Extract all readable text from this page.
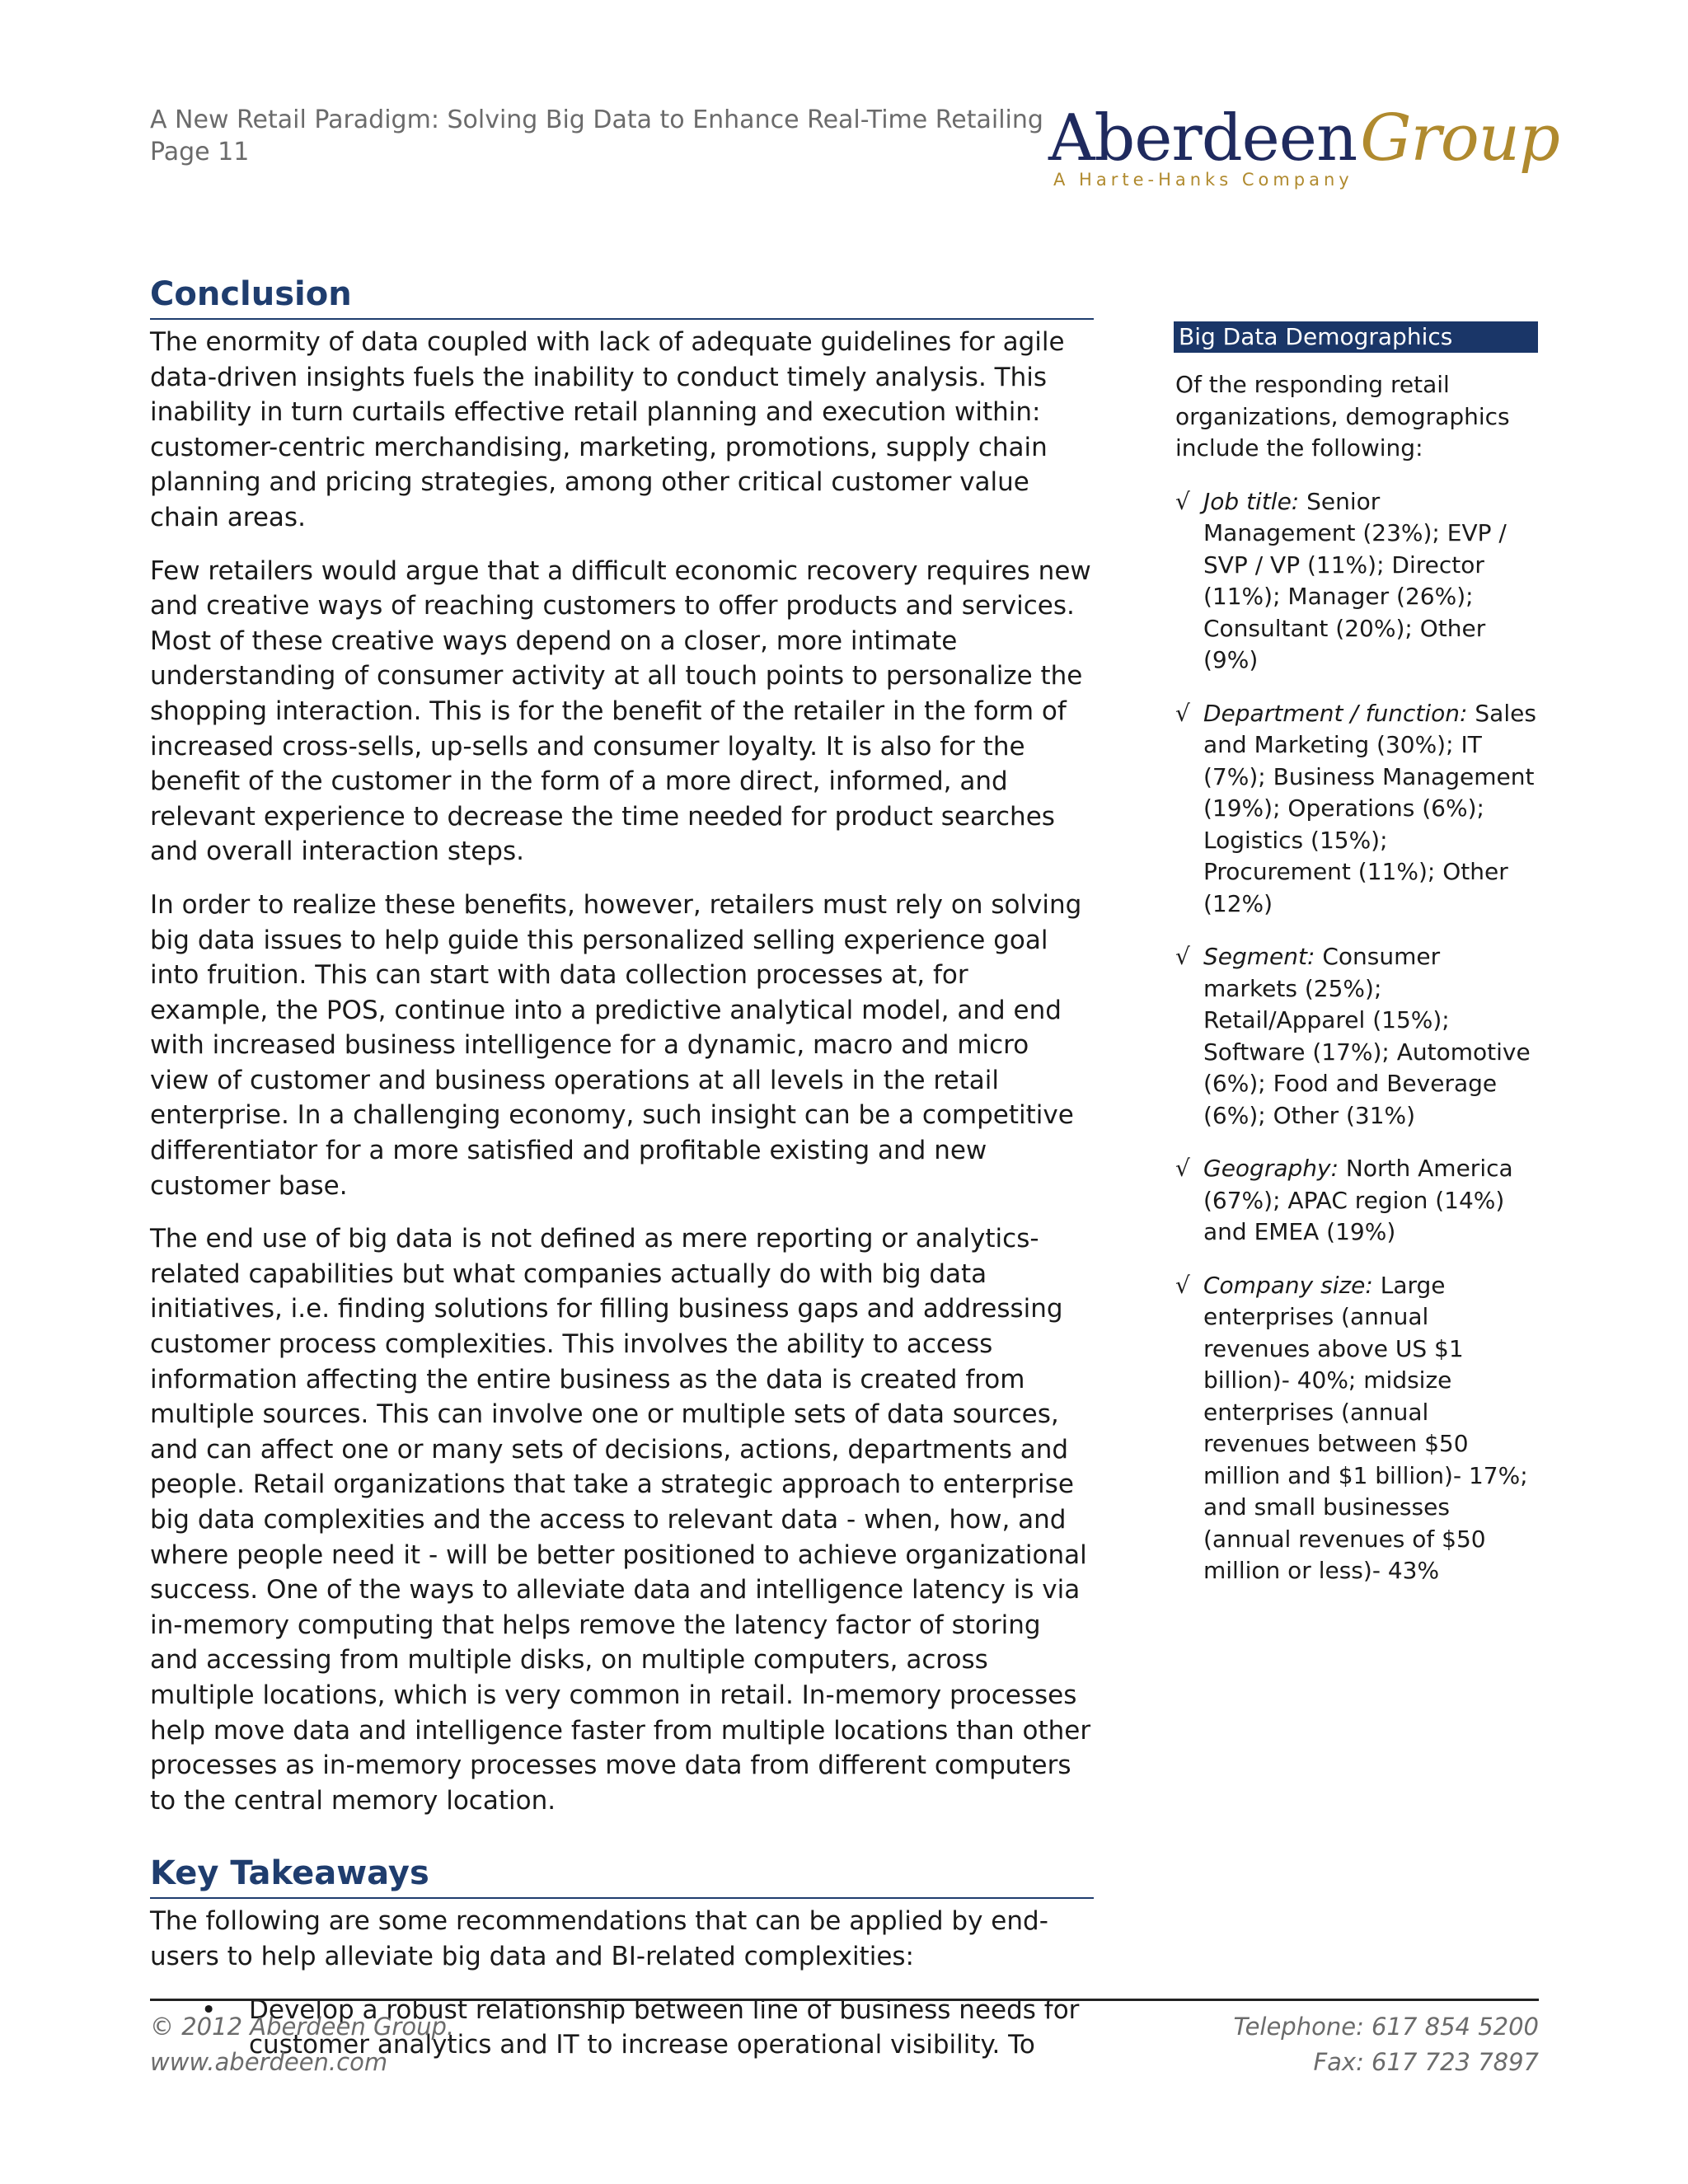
A New Retail Paradigm: Solving Big Data to Enhance Real-Time Retailing
Page 11	AberdeenGroup
A Harte-Hanks Company
Conclusion

The enormity of data coupled with lack of adequate guidelines for agile data-driven insights fuels the inability to conduct timely analysis. This inability in turn curtails effective retail planning and execution within: customer-centric merchandising, marketing, promotions, supply chain planning and pricing strategies, among other critical customer value chain areas.

Few retailers would argue that a difficult economic recovery requires new and creative ways of reaching customers to offer products and services. Most of these creative ways depend on a closer, more intimate understanding of consumer activity at all touch points to personalize the shopping interaction. This is for the benefit of the retailer in the form of increased cross-sells, up-sells and consumer loyalty. It is also for the benefit of the customer in the form of a more direct, informed, and relevant experience to decrease the time needed for product searches and overall interaction steps.

In order to realize these benefits, however, retailers must rely on solving big data issues to help guide this personalized selling experience goal into fruition. This can start with data collection processes at, for example, the POS, continue into a predictive analytical model, and end with increased business intelligence for a dynamic, macro and micro view of customer and business operations at all levels in the retail enterprise. In a challenging economy, such insight can be a competitive differentiator for a more satisfied and profitable existing and new customer base.

The end use of big data is not defined as mere reporting or analytics-related capabilities but what companies actually do with big data initiatives, i.e. finding solutions for filling business gaps and addressing customer process complexities. This involves the ability to access information affecting the entire business as the data is created from multiple sources. This can involve one or multiple sets of data sources, and can affect one or many sets of decisions, actions, departments and people. Retail organizations that take a strategic approach to enterprise big data complexities and the access to relevant data - when, how, and where people need it - will be better positioned to achieve organizational success. One of the ways to alleviate data and intelligence latency is via in-memory computing that helps remove the latency factor of storing and accessing from multiple disks, on multiple computers, across multiple locations, which is very common in retail. In-memory processes help move data and intelligence faster from multiple locations than other processes as in-memory processes move data from different computers to the central memory location.

Key Takeaways

The following are some recommendations that can be applied by end-users to help alleviate big data and BI-related complexities:

• Develop a robust relationship between line of business needs for customer analytics and IT to increase operational visibility. To
Big Data Demographics

Of the responding retail organizations, demographics include the following:

√ Job title: Senior Management (23%); EVP / SVP / VP (11%); Director (11%); Manager (26%); Consultant (20%); Other (9%)
√ Department / function: Sales and Marketing (30%); IT (7%); Business Management (19%); Operations (6%); Logistics (15%); Procurement (11%); Other (12%)
√ Segment: Consumer markets (25%); Retail/Apparel (15%); Software (17%); Automotive (6%); Food and Beverage (6%); Other (31%)
√ Geography: North America (67%); APAC region (14%) and EMEA (19%)
√ Company size: Large enterprises (annual revenues above US $1 billion)- 40%; midsize enterprises (annual revenues between $50 million and $1 billion)- 17%; and small businesses (annual revenues of $50 million or less)- 43%
© 2012 Aberdeen Group.
www.aberdeen.com
Telephone: 617 854 5200
Fax: 617 723 7897
